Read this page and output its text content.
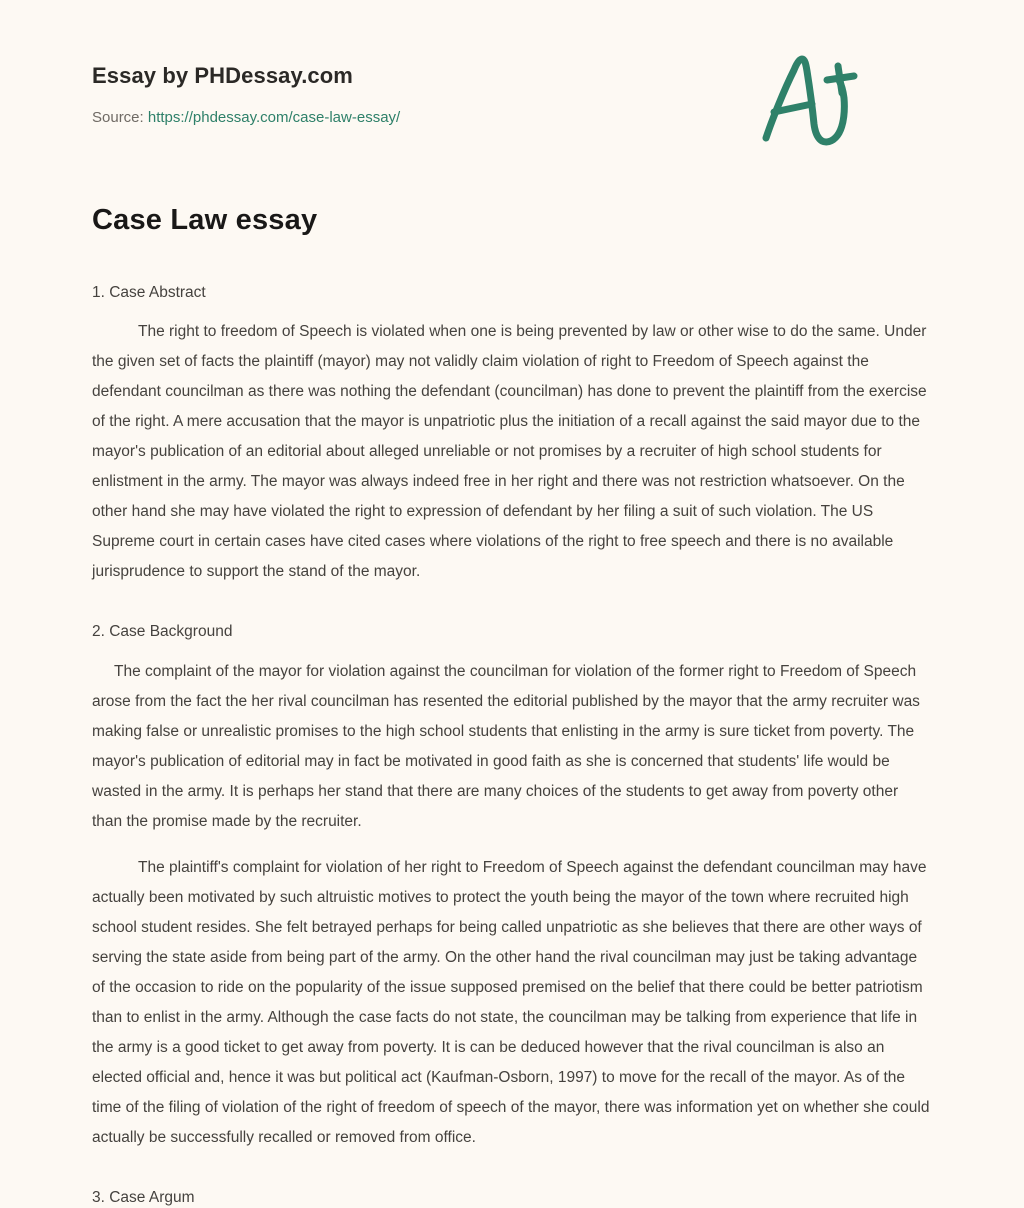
Essay by PHDessay.com
Source: https://phdessay.com/case-law-essay/
Case Law essay
1. Case Abstract

The right to freedom of Speech is violated when one is being prevented by law or other wise to do the same. Under the given set of facts the plaintiff (mayor) may not validly claim violation of right to Freedom of Speech against the defendant councilman as there was nothing the defendant (councilman) has done to prevent the plaintiff from the exercise of the right. A mere accusation that the mayor is unpatriotic plus the initiation of a recall against the said mayor due to the mayor's publication of an editorial about alleged unreliable or not promises by a recruiter of high school students for enlistment in the army. The mayor was always indeed free in her right and there was not restriction whatsoever. On the other hand she may have violated the right to expression of defendant by her filing a suit of such violation. The US Supreme court in certain cases have cited cases where violations of the right to free speech and there is no available jurisprudence to support the stand of the mayor.

2. Case Background

The complaint of the mayor for violation against the councilman for violation of the former right to Freedom of Speech arose from the fact the her rival councilman has resented the editorial published by the mayor that the army recruiter was making false or unrealistic promises to the high school students that enlisting in the army is sure ticket from poverty. The mayor's publication of editorial may in fact be motivated in good faith as she is concerned that students' life would be wasted in the army. It is perhaps her stand that there are many choices of the students to get away from poverty other than the promise made by the recruiter.

The plaintiff's complaint for violation of her right to Freedom of Speech against the defendant councilman may have actually been motivated by such altruistic motives to protect the youth being the mayor of the town where recruited high school student resides. She felt betrayed perhaps for being called unpatriotic as she believes that there are other ways of serving the state aside from being part of the army. On the other hand the rival councilman may just be taking advantage of the occasion to ride on the popularity of the issue supposed premised on the belief that there could be better patriotism than to enlist in the army. Although the case facts do not state, the councilman may be talking from experience that life in the army is a good ticket to get away from poverty. It is can be deduced however that the rival councilman is also an elected official and, hence it was but political act (Kaufman-Osborn, 1997) to move for the recall of the mayor. As of the time of the filing of violation of the right of freedom of speech of the mayor, there was information yet on whether she could actually be successfully recalled or removed from office.

3. Case Argum
